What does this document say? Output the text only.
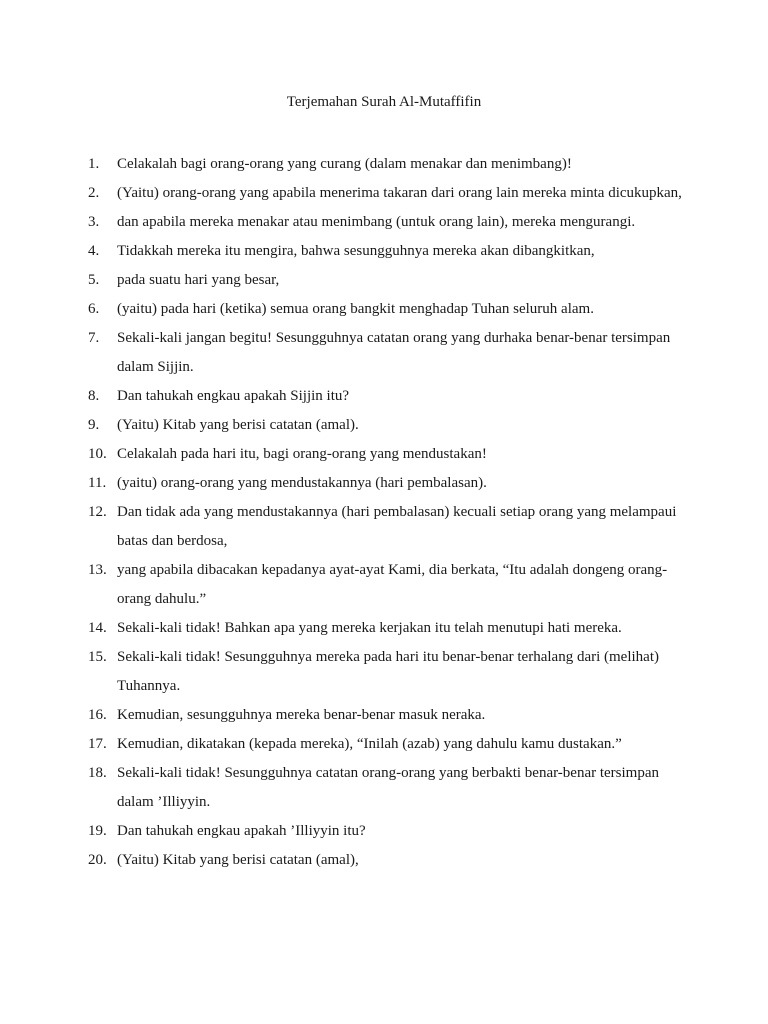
Terjemahan Surah Al-Mutaffifin
1.	Celakalah bagi orang-orang yang curang (dalam menakar dan menimbang)!
2.	(Yaitu) orang-orang yang apabila menerima takaran dari orang lain mereka minta dicukupkan,
3.	dan apabila mereka menakar atau menimbang (untuk orang lain), mereka mengurangi.
4.	Tidakkah mereka itu mengira, bahwa sesungguhnya mereka akan dibangkitkan,
5.	pada suatu hari yang besar,
6.	(yaitu) pada hari (ketika) semua orang bangkit menghadap Tuhan seluruh alam.
7.	Sekali-kali jangan begitu! Sesungguhnya catatan orang yang durhaka benar-benar tersimpan dalam Sijjin.
8.	Dan tahukah engkau apakah Sijjin itu?
9.	(Yaitu) Kitab yang berisi catatan (amal).
10. Celakalah pada hari itu, bagi orang-orang yang mendustakan!
11. (yaitu) orang-orang yang mendustakannya (hari pembalasan).
12. Dan tidak ada yang mendustakannya (hari pembalasan) kecuali setiap orang yang melampaui batas dan berdosa,
13. yang apabila dibacakan kepadanya ayat-ayat Kami, dia berkata, “Itu adalah dongeng orang-orang dahulu.”
14. Sekali-kali tidak! Bahkan apa yang mereka kerjakan itu telah menutupi hati mereka.
15. Sekali-kali tidak! Sesungguhnya mereka pada hari itu benar-benar terhalang dari (melihat) Tuhannya.
16. Kemudian, sesungguhnya mereka benar-benar masuk neraka.
17. Kemudian, dikatakan (kepada mereka), “Inilah (azab) yang dahulu kamu dustakan.”
18. Sekali-kali tidak! Sesungguhnya catatan orang-orang yang berbakti benar-benar tersimpan dalam ’Illiyyin.
19. Dan tahukah engkau apakah ’Illiyyin itu?
20. (Yaitu) Kitab yang berisi catatan (amal),
